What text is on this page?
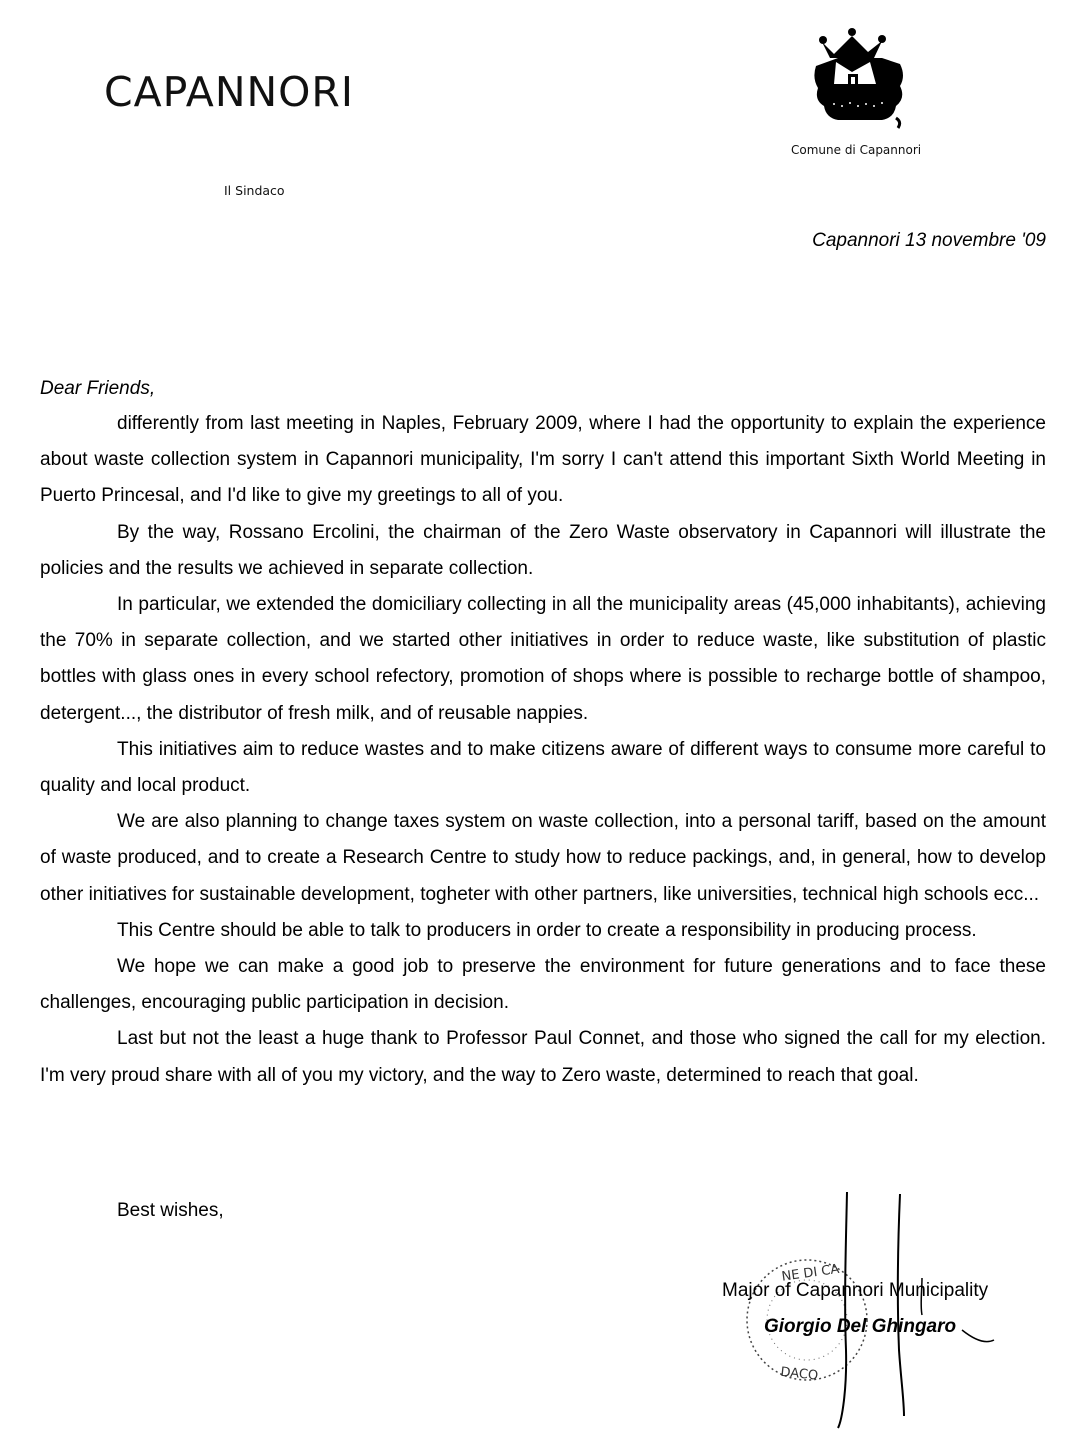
CAPANNORI
Il Sindaco
Comune di Capannori
Capannori 13 novembre '09
Dear Friends,

differently from last meeting in Naples, February 2009, where I had the opportunity to explain the experience about waste collection system in Capannori municipality, I'm sorry I can't attend this important Sixth World Meeting in Puerto Princesal, and I'd like to give my greetings to all of you.

By the way, Rossano Ercolini, the chairman of the Zero Waste observatory in Capannori will illustrate the policies and the results we achieved in separate collection.

In particular, we extended the domiciliary collecting in all the municipality areas (45,000 inhabitants), achieving the 70% in separate collection, and we started other initiatives in order to reduce waste, like substitution of plastic bottles with glass ones in every school refectory, promotion of shops where is possible to recharge bottle of shampoo, detergent..., the distributor of fresh milk, and of reusable nappies.

This initiatives aim to reduce wastes and to make citizens aware of different ways to consume more careful to quality and local product.

We are also planning to change taxes system on waste collection, into a personal tariff, based on the amount of waste produced, and to create a Research Centre to study how to reduce packings, and, in general, how to develop other initiatives for sustainable development, togheter with other partners, like universities, technical high schools ecc...

This Centre should be able to talk to producers in order to create a responsibility in producing process.

We hope we can make a good job to preserve the environment for future generations and to face these challenges, encouraging public participation in decision.

Last but not the least a huge thank to Professor Paul Connet, and those who signed the call for my election. I'm very proud share with all of you my victory, and the way to Zero waste, determined to reach that goal.

Best wishes,
NE DI CA
DACO
Major of Capannori Municipality
Giorgio Del Ghingaro
